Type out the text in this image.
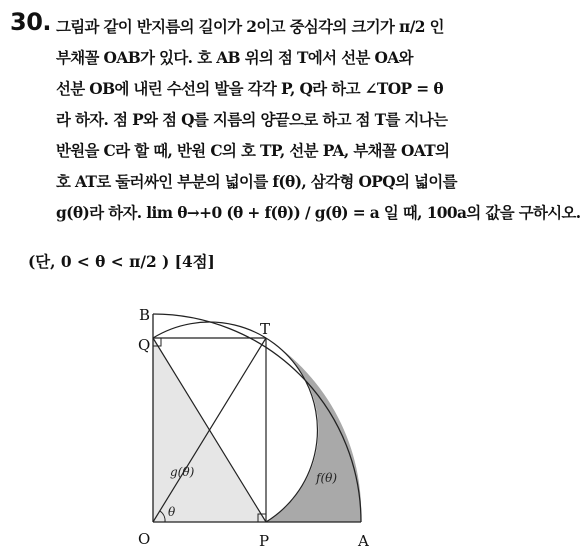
30. 그림과 같이 반지름의 길이가 2이고 중심각의 크기가 π/2 인
부채꼴 OAB가 있다. 호 AB 위의 점 T에서 선분 OA와
선분 OB에 내린 수선의 발을 각각 P, Q라 하고 ∠TOP = θ
라 하자. 점 P와 점 Q를 지름의 양끝으로 하고 점 T를 지나는
반원을 C라 할 때, 반원 C의 호 TP, 선분 PA, 부채꼴 OAT의
호 AT로 둘러싸인 부분의 넓이를 f(θ), 삼각형 OPQ의 넓이를
g(θ)라 하자. lim θ→+0 (θ + f(θ)) / g(θ) = a 일 때, 100a의 값을 구하시오.
(단, 0 < θ < π/2 ) [4점]
B
Q
T
O	P	A
g(θ)	f(θ)
θ
